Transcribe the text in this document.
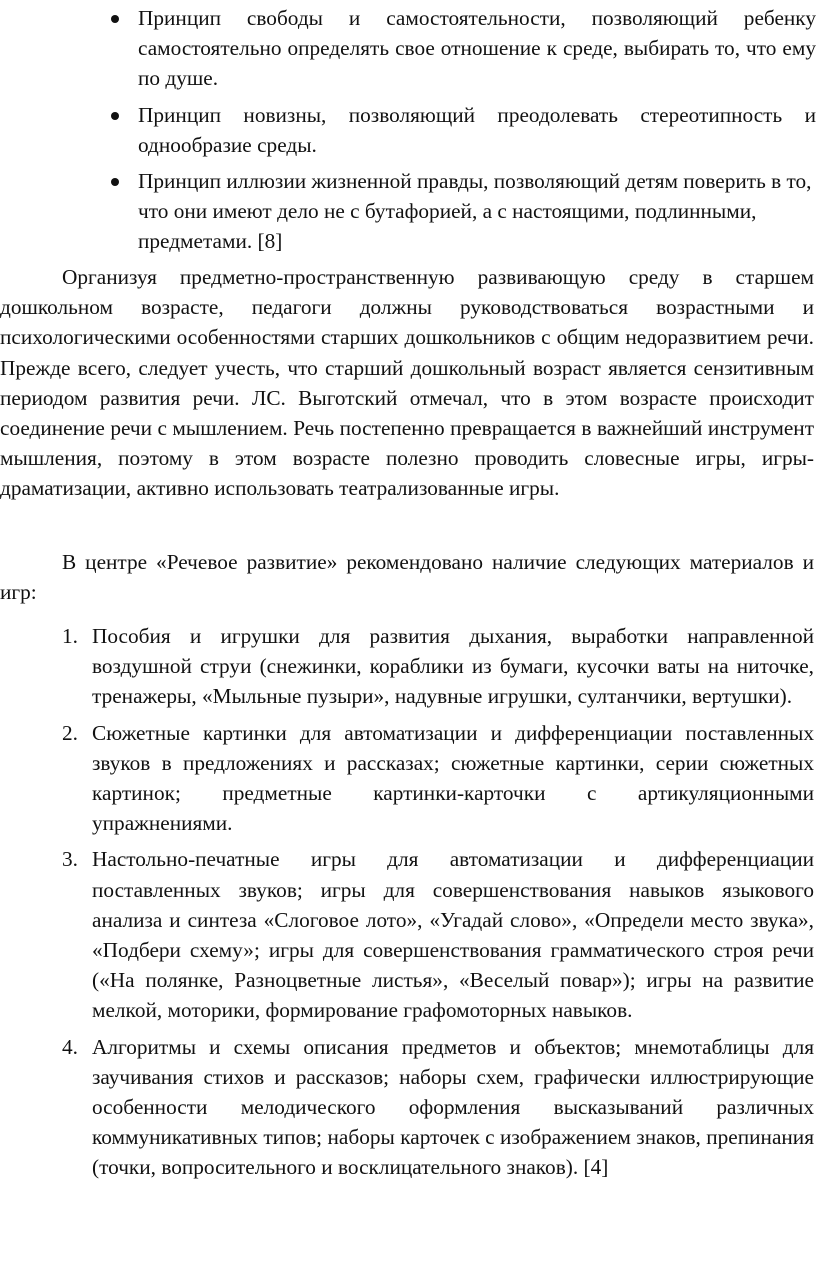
Принцип свободы и самостоятельности, позволяющий ребенку самостоятельно определять свое отношение к среде, выбирать то, что ему по душе.
Принцип новизны, позволяющий преодолевать стереотипность и однообразие среды.
Принцип иллюзии жизненной правды, позволяющий детям поверить в то, что они имеют дело не с бутафорией, а с настоящими, подлинными, предметами. [8]

Организуя предметно-пространственную развивающую среду в старшем дошкольном возрасте, педагоги должны руководствоваться возрастными и психологическими особенностями старших дошкольников с общим недоразвитием речи. Прежде всего, следует учесть, что старший дошкольный возраст является сензитивным периодом развития речи. ЛС. Выготский отмечал, что в этом возрасте происходит соединение речи с мышлением. Речь постепенно превращается в важнейший инструмент мышления, поэтому в этом возрасте полезно проводить словесные игры, игры-драматизации, активно использовать театрализованные игры.

В центре «Речевое развитие» рекомендовано наличие следующих материалов и игр:

1. Пособия и игрушки для развития дыхания, выработки направленной воздушной струи (снежинки, кораблики из бумаги, кусочки ваты на ниточке, тренажеры, «Мыльные пузыри», надувные игрушки, султанчики, вертушки).
2. Сюжетные картинки для автоматизации и дифференциации поставленных звуков в предложениях и рассказах; сюжетные картинки, серии сюжетных картинок; предметные картинки-карточки с артикуляционными упражнениями.
3. Настольно-печатные игры для автоматизации и дифференциации поставленных звуков; игры для совершенствования навыков языкового анализа и синтеза «Слоговое лото», «Угадай слово», «Определи место звука», «Подбери схему»; игры для совершенствования грамматического строя речи («На полянке, Разноцветные листья», «Веселый повар»); игры на развитие мелкой, моторики, формирование графомоторных навыков.
4. Алгоритмы и схемы описания предметов и объектов; мнемотаблицы для заучивания стихов и рассказов; наборы схем, графически иллюстрирующие особенности мелодического оформления высказываний различных коммуникативных типов; наборы карточек с изображением знаков, препинания (точки, вопросительного и восклицательного знаков). [4]
